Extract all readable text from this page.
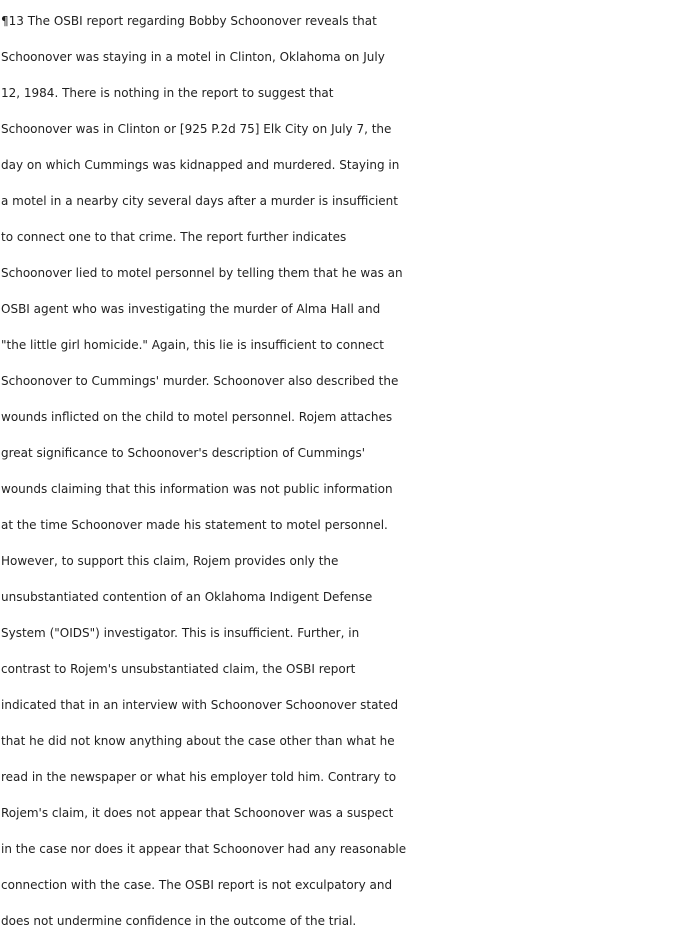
¶13 The OSBI report regarding Bobby Schoonover reveals that
Schoonover was staying in a motel in Clinton, Oklahoma on July
12, 1984. There is nothing in the report to suggest that
Schoonover was in Clinton or [925 P.2d 75] Elk City on July 7, the
day on which Cummings was kidnapped and murdered. Staying in
a motel in a nearby city several days after a murder is insufficient
to connect one to that crime. The report further indicates
Schoonover lied to motel personnel by telling them that he was an
OSBI agent who was investigating the murder of Alma Hall and
"the little girl homicide." Again, this lie is insufficient to connect
Schoonover to Cummings' murder. Schoonover also described the
wounds inflicted on the child to motel personnel. Rojem attaches
great significance to Schoonover's description of Cummings'
wounds claiming that this information was not public information
at the time Schoonover made his statement to motel personnel.
However, to support this claim, Rojem provides only the
unsubstantiated contention of an Oklahoma Indigent Defense
System ("OIDS") investigator. This is insufficient. Further, in
contrast to Rojem's unsubstantiated claim, the OSBI report
indicated that in an interview with Schoonover Schoonover stated
that he did not know anything about the case other than what he
read in the newspaper or what his employer told him. Contrary to
Rojem's claim, it does not appear that Schoonover was a suspect
in the case nor does it appear that Schoonover had any reasonable
connection with the case. The OSBI report is not exculpatory and
does not undermine confidence in the outcome of the trial.
